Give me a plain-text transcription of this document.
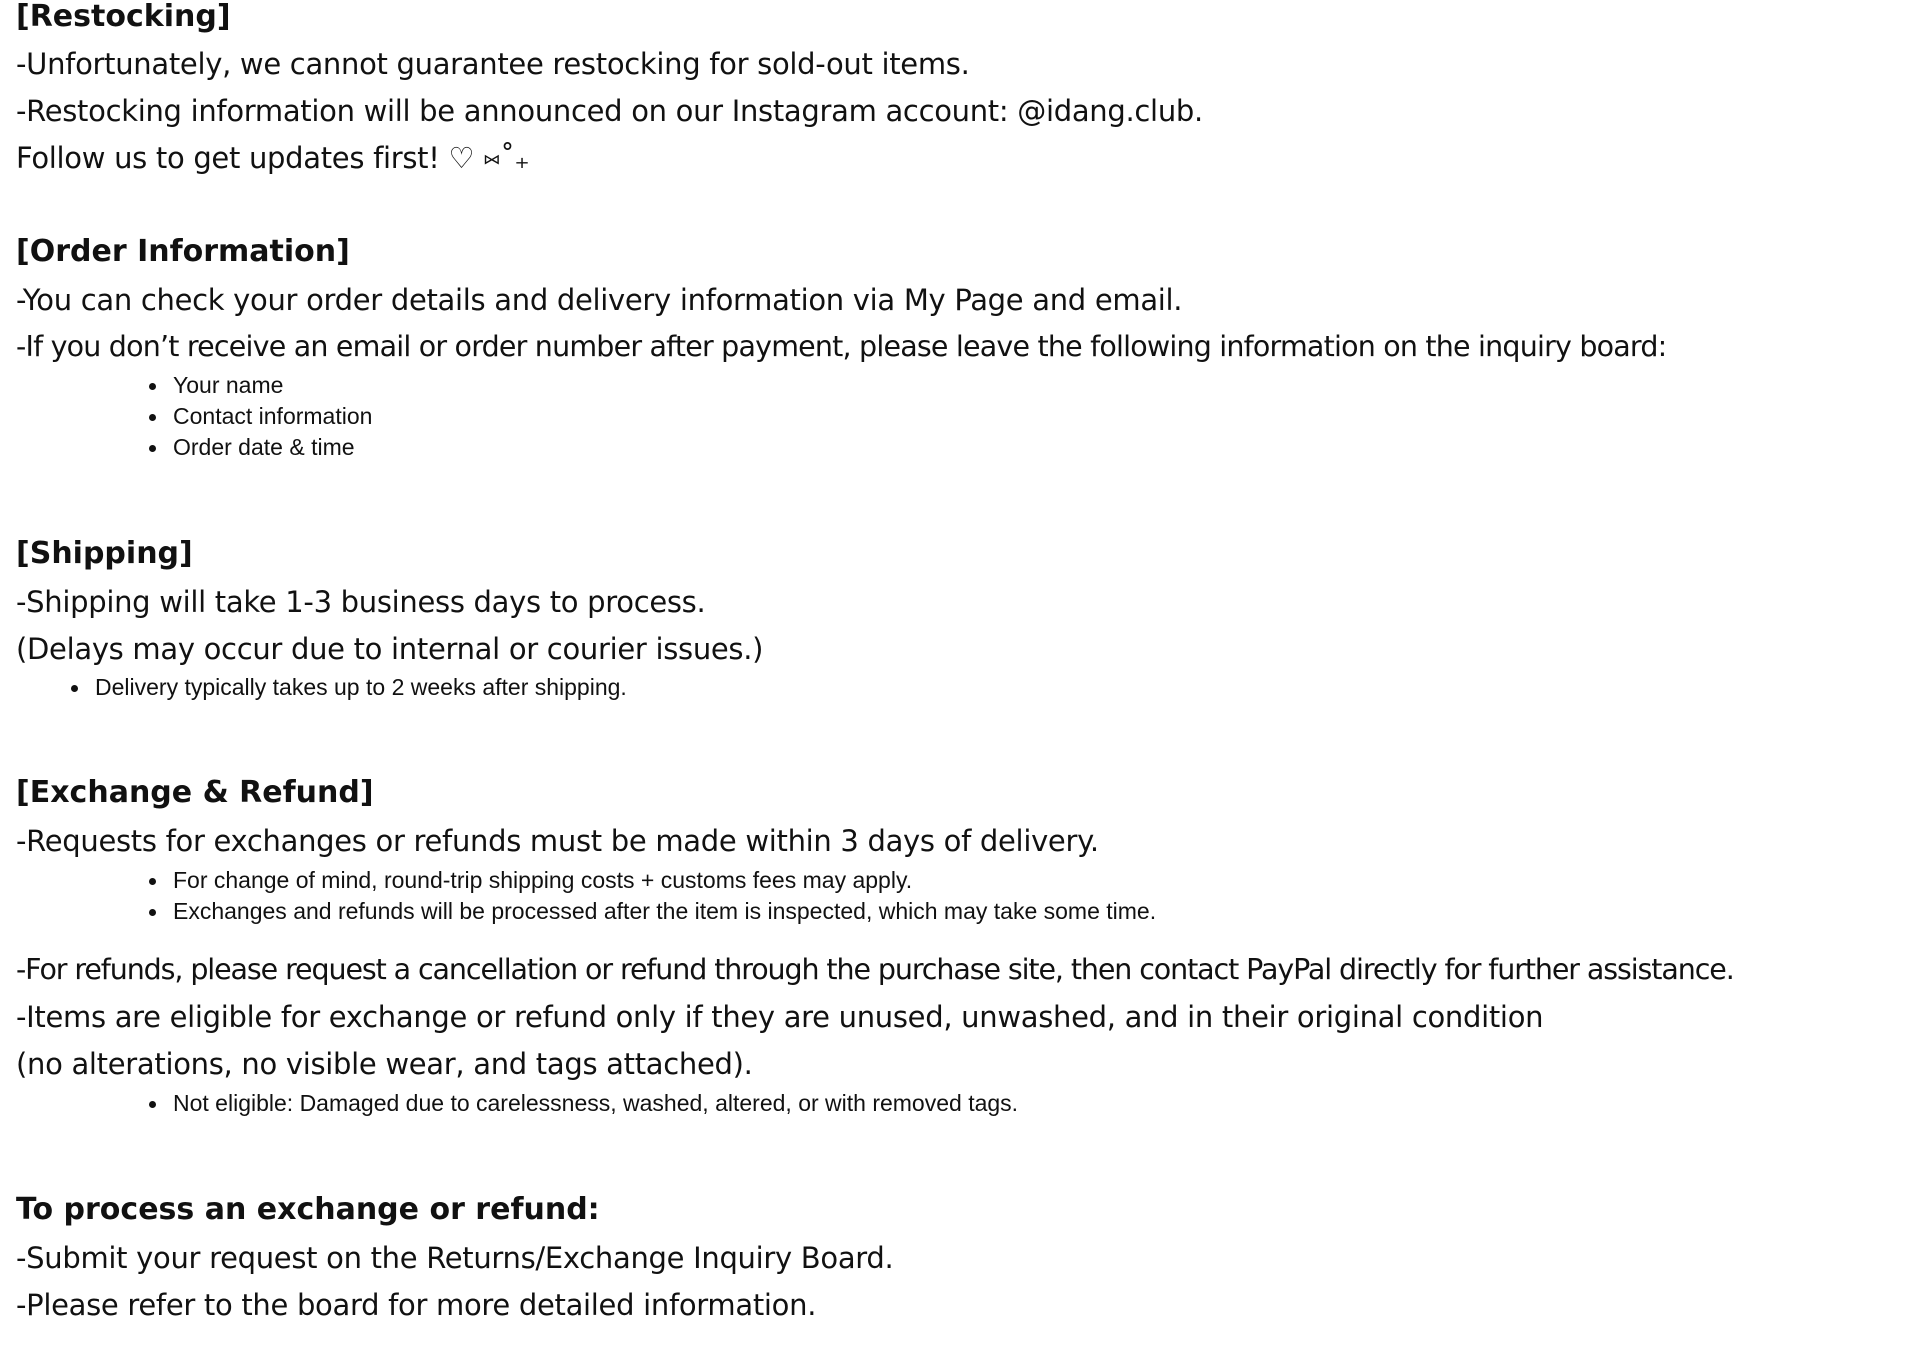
[Restocking]
-Unfortunately, we cannot guarantee restocking for sold-out items.
-Restocking information will be announced on our Instagram account: @idang.club.
Follow us to get updates first! ♡ ⑅˚₊
[Order Information]
-You can check your order details and delivery information via My Page and email.
-If you don’t receive an email or order number after payment, please leave the following information on the inquiry board:
Your name
Contact information
Order date & time
[Shipping]
-Shipping will take 1-3 business days to process.
(Delays may occur due to internal or courier issues.)
Delivery typically takes up to 2 weeks after shipping.
[Exchange & Refund]
-Requests for exchanges or refunds must be made within 3 days of delivery.
For change of mind, round-trip shipping costs + customs fees may apply.
Exchanges and refunds will be processed after the item is inspected, which may take some time.
-For refunds, please request a cancellation or refund through the purchase site, then contact PayPal directly for further assistance.
-Items are eligible for exchange or refund only if they are unused, unwashed, and in their original condition
(no alterations, no visible wear, and tags attached).
Not eligible: Damaged due to carelessness, washed, altered, or with removed tags.
To process an exchange or refund:
-Submit your request on the Returns/Exchange Inquiry Board.
-Please refer to the board for more detailed information.
